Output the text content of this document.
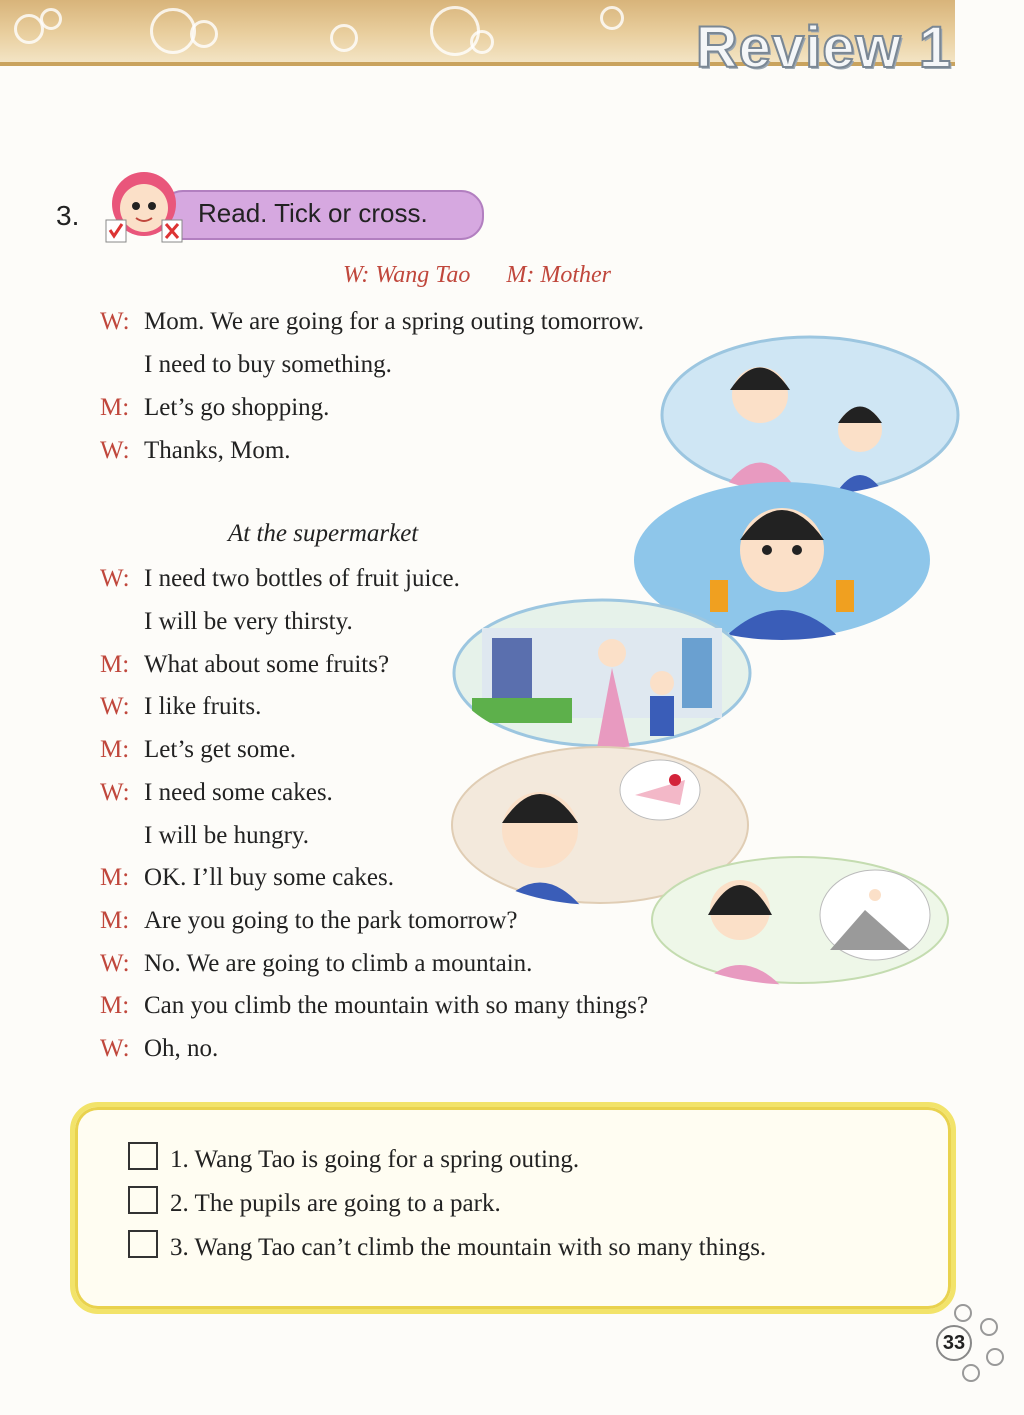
Review 1
3.	Read. Tick or cross.
W: Wang Tao M: Mother
At the supermarket
W: Mom. We are going for a spring outing tomorrow.
I need to buy something.
M: Let’s go shopping.
W: Thanks, Mom.
W: I need two bottles of fruit juice.
I will be very thirsty.
M: What about some fruits?
W: I like fruits.
M: Let’s get some.
W: I need some cakes.
I will be hungry.
M: OK. I’ll buy some cakes.
M: Are you going to the park tomorrow?
W: No. We are going to climb a mountain.
M: Can you climb the mountain with so many things?
W: Oh, no.
1. Wang Tao is going for a spring outing.
2. The pupils are going to a park.
3. Wang Tao can’t climb the mountain with so many things.
33
